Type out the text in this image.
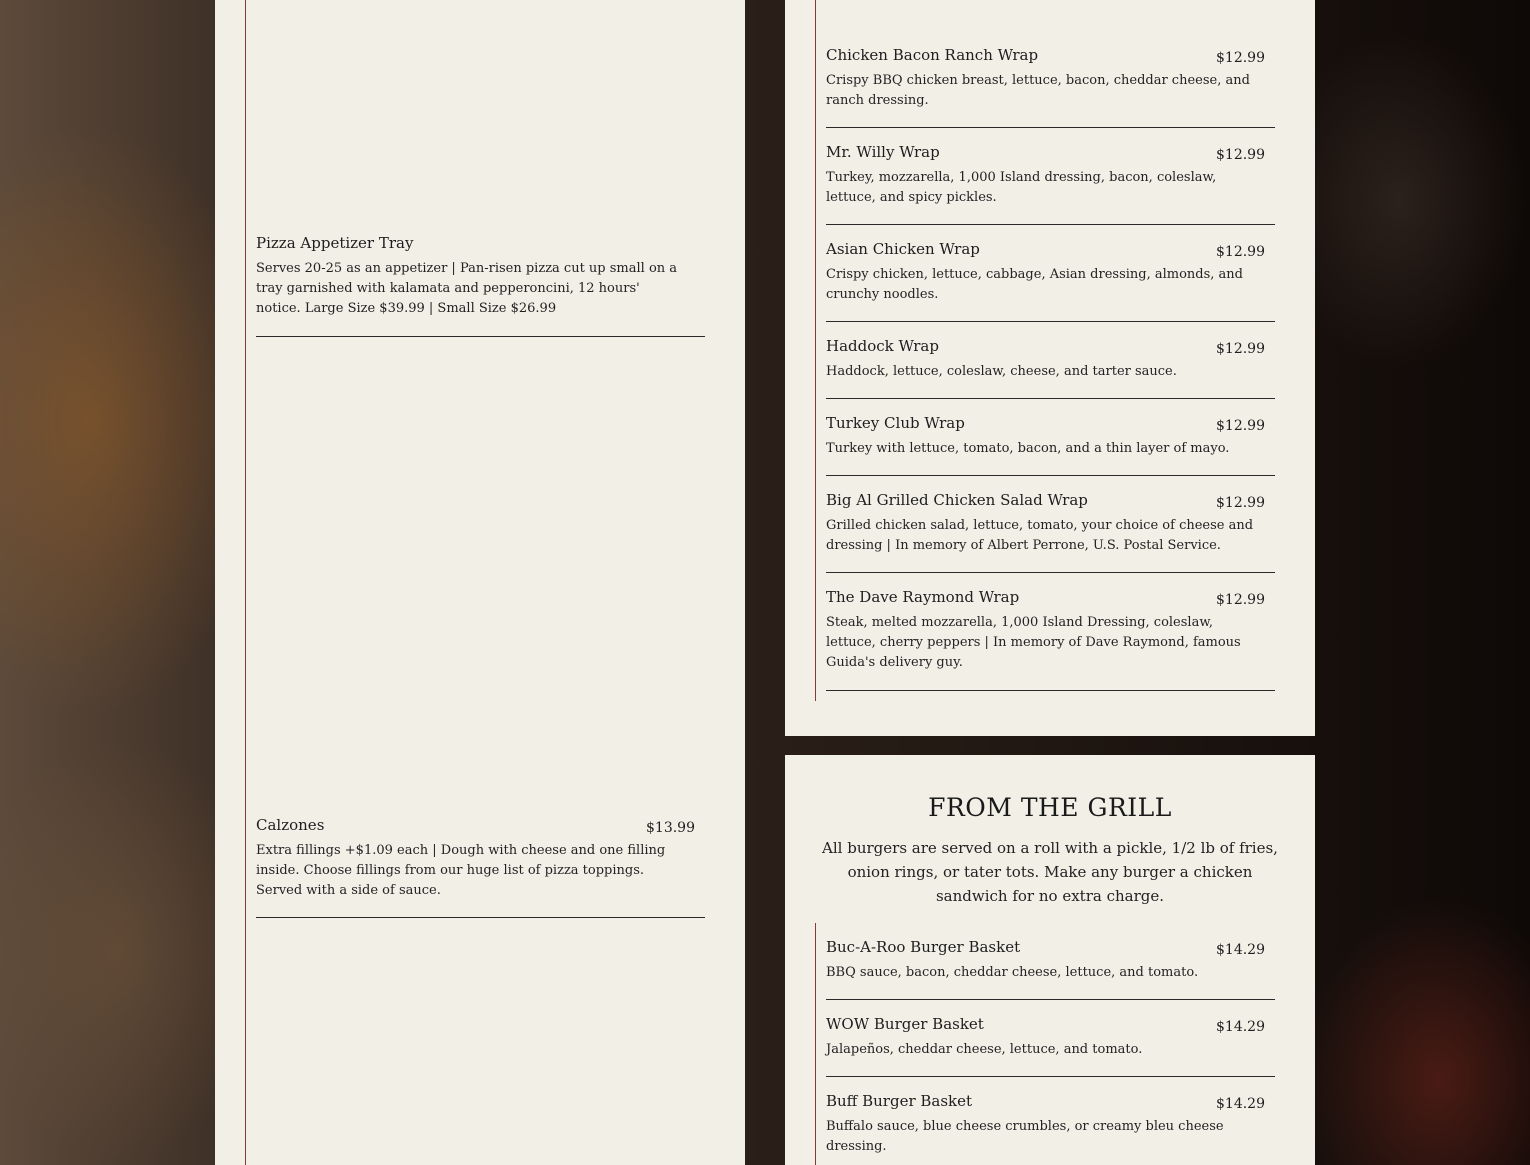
Pizza Appetizer Tray
Serves 20-25 as an appetizer | Pan-risen pizza cut up small on a tray garnished with kalamata and pepperoncini, 12 hours' notice. Large Size $39.99 | Small Size $26.99
Calzones	$13.99
Extra fillings +$1.09 each | Dough with cheese and one filling inside. Choose fillings from our huge list of pizza toppings. Served with a side of sauce.
Chicken Bacon Ranch Wrap	$12.99
Crispy BBQ chicken breast, lettuce, bacon, cheddar cheese, and ranch dressing.
Mr. Willy Wrap	$12.99
Turkey, mozzarella, 1,000 Island dressing, bacon, coleslaw, lettuce, and spicy pickles.
Asian Chicken Wrap	$12.99
Crispy chicken, lettuce, cabbage, Asian dressing, almonds, and crunchy noodles.
Haddock Wrap	$12.99
Haddock, lettuce, coleslaw, cheese, and tarter sauce.
Turkey Club Wrap	$12.99
Turkey with lettuce, tomato, bacon, and a thin layer of mayo.
Big Al Grilled Chicken Salad Wrap	$12.99
Grilled chicken salad, lettuce, tomato, your choice of cheese and dressing | In memory of Albert Perrone, U.S. Postal Service.
The Dave Raymond Wrap	$12.99
Steak, melted mozzarella, 1,000 Island Dressing, coleslaw, lettuce, cherry peppers | In memory of Dave Raymond, famous Guida's delivery guy.
FROM THE GRILL
All burgers are served on a roll with a pickle, 1/2 lb of fries, onion rings, or tater tots. Make any burger a chicken sandwich for no extra charge.
Buc-A-Roo Burger Basket	$14.29
BBQ sauce, bacon, cheddar cheese, lettuce, and tomato.
WOW Burger Basket	$14.29
Jalapeños, cheddar cheese, lettuce, and tomato.
Buff Burger Basket	$14.29
Buffalo sauce, blue cheese crumbles, or creamy bleu cheese dressing.
